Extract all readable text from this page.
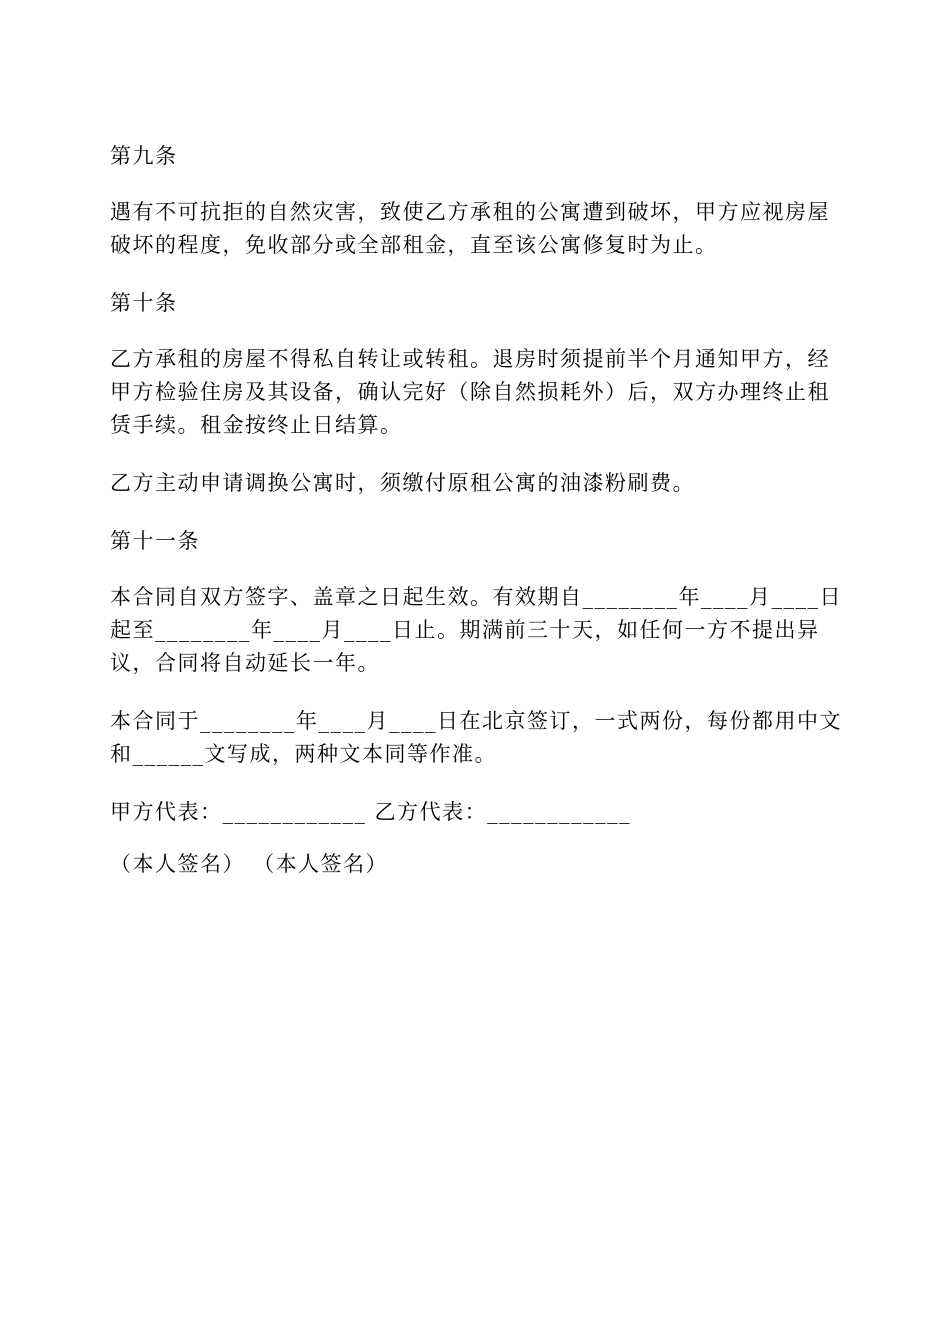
第九条

遇有不可抗拒的自然灾害，致使乙方承租的公寓遭到破坏，甲方应视房屋破坏的程度，免收部分或全部租金，直至该公寓修复时为止。

第十条

乙方承租的房屋不得私自转让或转租。退房时须提前半个月通知甲方，经甲方检验住房及其设备，确认完好（除自然损耗外）后，双方办理终止租赁手续。租金按终止日结算。

乙方主动申请调换公寓时，须缴付原租公寓的油漆粉刷费。

第十一条

本合同自双方签字、盖章之日起生效。有效期自________年____月____日起至________年____月____日止。期满前三十天，如任何一方不提出异议，合同将自动延长一年。

本合同于________年____月____日在北京签订，一式两份，每份都用中文和______文写成，两种文本同等作准。

甲方代表：____________ 乙方代表：____________

（本人签名） （本人签名）
